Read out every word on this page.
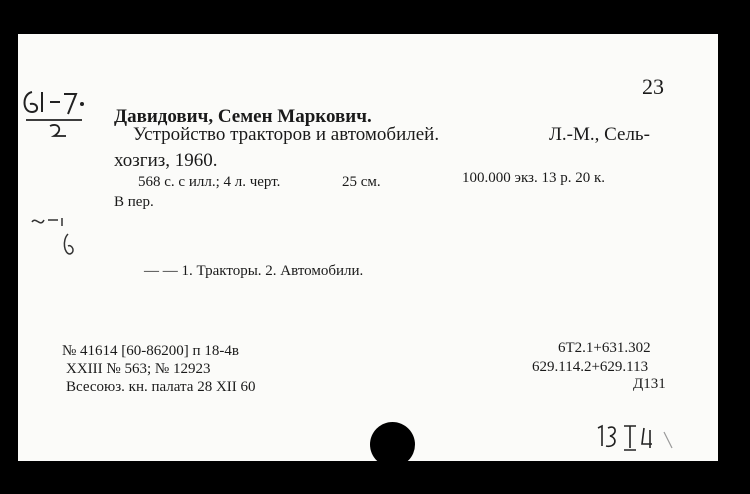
23
Давидович, Семен Маркович.
Устройство тракторов и автомобилей.	Л.-М., Сель-
хозгиз, 1960.
568 с. с илл.; 4 л. черт.	25 см.	100.000 экз. 13 р. 20 к.
В пер.
— — 1. Тракторы. 2. Автомобили.
№ 41614 [60-86200] п 18-4в
XXIII № 563; № 12923
Всесоюз. кн. палата 28 XII 60
6Т2.1+631.302
629.114.2+629.113
Д131
